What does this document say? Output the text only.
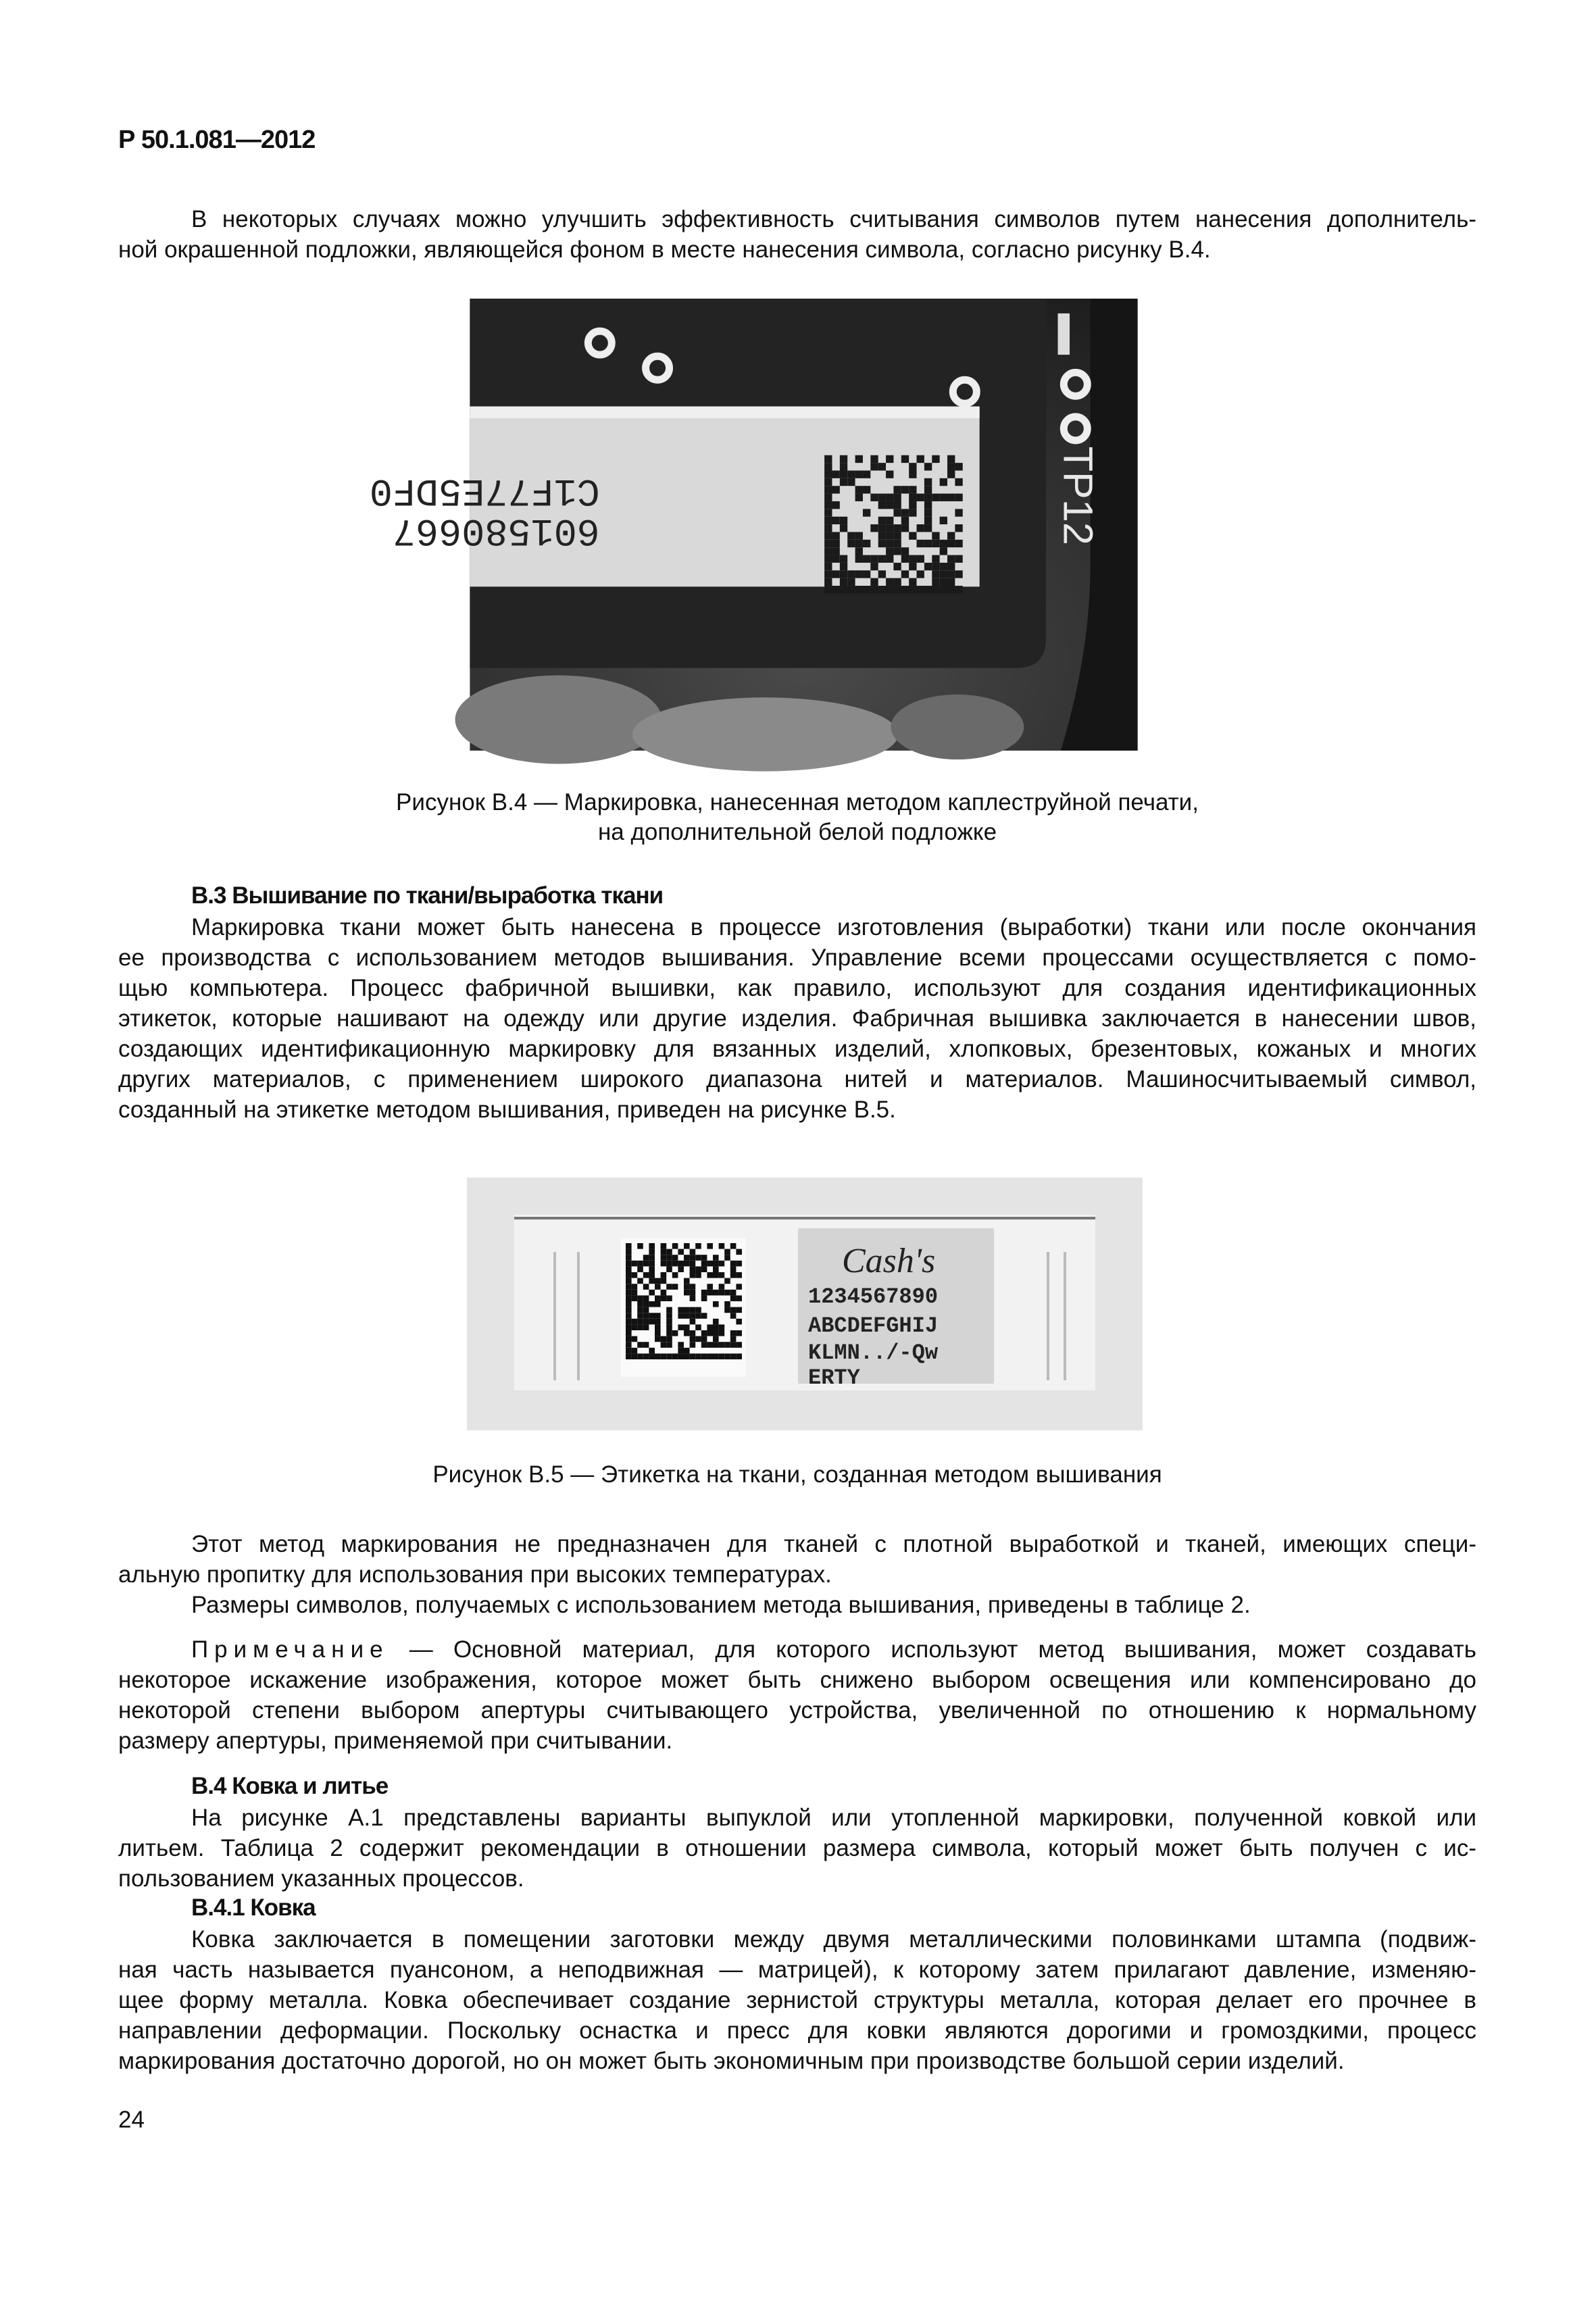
Р 50.1.081—2012
В некоторых случаях можно улучшить эффективность считывания символов путем нанесения дополнитель-
ной окрашенной подложки, являющейся фоном в месте нанесения символа, согласно рисунку В.4.
C1F77E5DF0
601580667	TP12
Рисунок В.4 — Маркировка, нанесенная методом каплеструйной печати,
на дополнительной белой подложке
В.3 Вышивание по ткани/выработка ткани
Маркировка ткани может быть нанесена в процессе изготовления (выработки) ткани или после окончания
ее производства с использованием методов вышивания. Управление всеми процессами осуществляется с помо-
щью компьютера. Процесс фабричной вышивки, как правило, используют для создания идентификационных
этикеток, которые нашивают на одежду или другие изделия. Фабричная вышивка заключается в нанесении швов,
создающих идентификационную маркировку для вязанных изделий, хлопковых, брезентовых, кожаных и многих
других материалов, с применением широкого диапазона нитей и материалов. Машиносчитываемый символ,
созданный на этикетке методом вышивания, приведен на рисунке В.5.
Cash's
1234567890
ABCDEFGHIJ
KLMN../-Qw
ERTY
Рисунок В.5 — Этикетка на ткани, созданная методом вышивания
Этот метод маркирования не предназначен для тканей с плотной выработкой и тканей, имеющих специ-
альную пропитку для использования при высоких температурах.
Размеры символов, получаемых с использованием метода вышивания, приведены в таблице 2.
Примечание — Основной материал, для которого используют метод вышивания, может создавать
некоторое искажение изображения, которое может быть снижено выбором освещения или компенсировано до
некоторой степени выбором апертуры считывающего устройства, увеличенной по отношению к нормальному
размеру апертуры, применяемой при считывании.
В.4 Ковка и литье
На рисунке А.1 представлены варианты выпуклой или утопленной маркировки, полученной ковкой или
литьем. Таблица 2 содержит рекомендации в отношении размера символа, который может быть получен с ис-
пользованием указанных процессов.
В.4.1 Ковка
Ковка заключается в помещении заготовки между двумя металлическими половинками штампа (подвиж-
ная часть называется пуансоном, а неподвижная — матрицей), к которому затем прилагают давление, изменяю-
щее форму металла. Ковка обеспечивает создание зернистой структуры металла, которая делает его прочнее в
направлении деформации. Поскольку оснастка и пресс для ковки являются дорогими и громоздкими, процесс
маркирования достаточно дорогой, но он может быть экономичным при производстве большой серии изделий.
24
